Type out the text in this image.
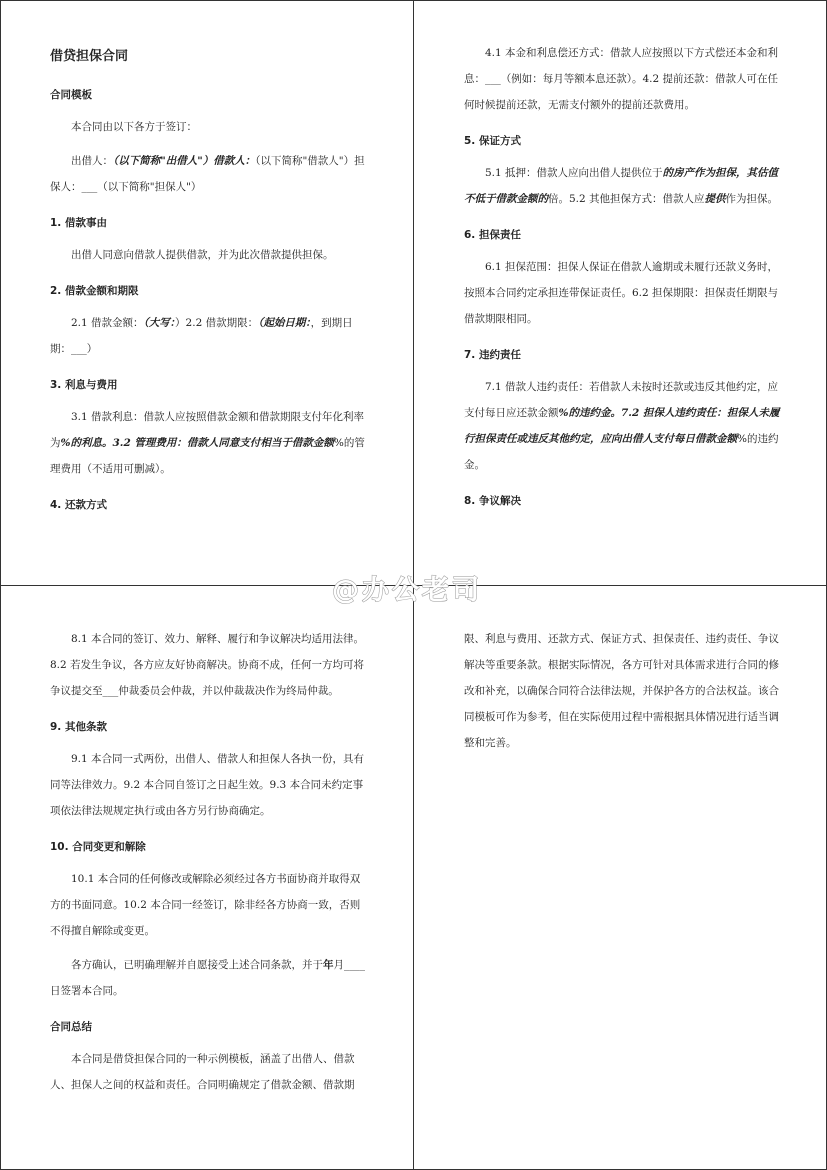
借贷担保合同

合同模板

本合同由以下各方于签订：

出借人：（以下简称"出借人"）借款人：（以下简称"借款人"）担保人：___（以下简称"担保人"）

1. 借款事由

出借人同意向借款人提供借款，并为此次借款提供担保。

2. 借款金额和期限

2.1 借款金额：（大写：）2.2 借款期限：（起始日期：，到期日期：___）

3. 利息与费用

3.1 借款利息：借款人应按照借款金额和借款期限支付年化利率为%的利息。3.2 管理费用：借款人同意支付相当于借款金额%的管理费用（不适用可删减）。

4. 还款方式

4.1 本金和利息偿还方式：借款人应按照以下方式偿还本金和利息：___（例如：每月等额本息还款）。4.2 提前还款：借款人可在任何时候提前还款，无需支付额外的提前还款费用。

5. 保证方式

5.1 抵押：借款人应向出借人提供位于的房产作为担保，其估值不低于借款金额的倍。5.2 其他担保方式：借款人应提供作为担保。

6. 担保责任

6.1 担保范围：担保人保证在借款人逾期或未履行还款义务时，按照本合同约定承担连带保证责任。6.2 担保期限：担保责任期限与借款期限相同。

7. 违约责任

7.1 借款人违约责任：若借款人未按时还款或违反其他约定，应支付每日应还款金额%的违约金。7.2 担保人违约责任：担保人未履行担保责任或违反其他约定，应向出借人支付每日借款金额%的违约金。

8. 争议解决

8.1 本合同的签订、效力、解释、履行和争议解决均适用法律。8.2 若发生争议，各方应友好协商解决。协商不成，任何一方均可将争议提交至___仲裁委员会仲裁，并以仲裁裁决作为终局仲裁。

9. 其他条款

9.1 本合同一式两份，出借人、借款人和担保人各执一份，具有同等法律效力。9.2 本合同自签订之日起生效。9.3 本合同未约定事项依法律法规规定执行或由各方另行协商确定。

10. 合同变更和解除

10.1 本合同的任何修改或解除必须经过各方书面协商并取得双方的书面同意。10.2 本合同一经签订，除非经各方协商一致，否则不得擅自解除或变更。

各方确认，已明确理解并自愿接受上述合同条款，并于年月____日签署本合同。

合同总结

本合同是借贷担保合同的一种示例模板，涵盖了出借人、借款人、担保人之间的权益和责任。合同明确规定了借款金额、借款期

限、利息与费用、还款方式、保证方式、担保责任、违约责任、争议解决等重要条款。根据实际情况，各方可针对具体需求进行合同的修改和补充，以确保合同符合法律法规，并保护各方的合法权益。该合同模板可作为参考，但在实际使用过程中需根据具体情况进行适当调整和完善。

@办公老司
